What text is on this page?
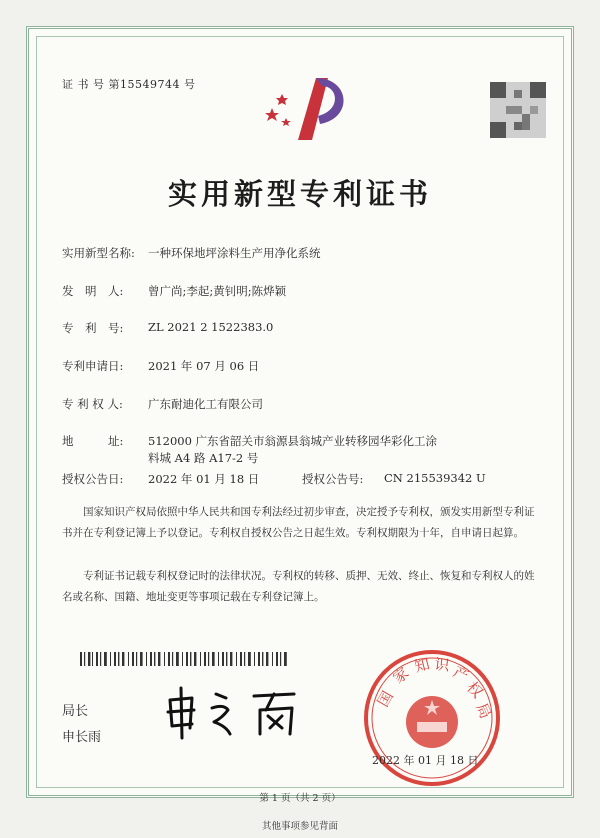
证 书 号 第15549744 号
实用新型专利证书
实用新型名称: 一种环保地坪涂料生产用净化系统
发　明　人: 曾广尚;李起;黄钊明;陈烨颖
专　利　号: ZL 2021 2 1522383.0
专利申请日: 2021 年 07 月 06 日
专 利 权 人: 广东耐迪化工有限公司
地　　　址: 512000 广东省韶关市翁源县翁城产业转移园华彩化工涂
料城 A4 路 A17-2 号
授权公告日: 2022 年 01 月 18 日	授权公告号: CN 215539342 U
国家知识产权局依照中华人民共和国专利法经过初步审查，决定授予专利权，颁发实用新型专利证书并在专利登记簿上予以登记。专利权自授权公告之日起生效。专利权期限为十年，自申请日起算。
专利证书记载专利权登记时的法律状况。专利权的转移、质押、无效、终止、恢复和专利权人的姓名或名称、国籍、地址变更等事项记载在专利登记簿上。
局长
申长雨
国
家 知 识 产
权
局
2022 年 01 月 18 日
第 1 页（共 2 页）
其他事项参见背面
